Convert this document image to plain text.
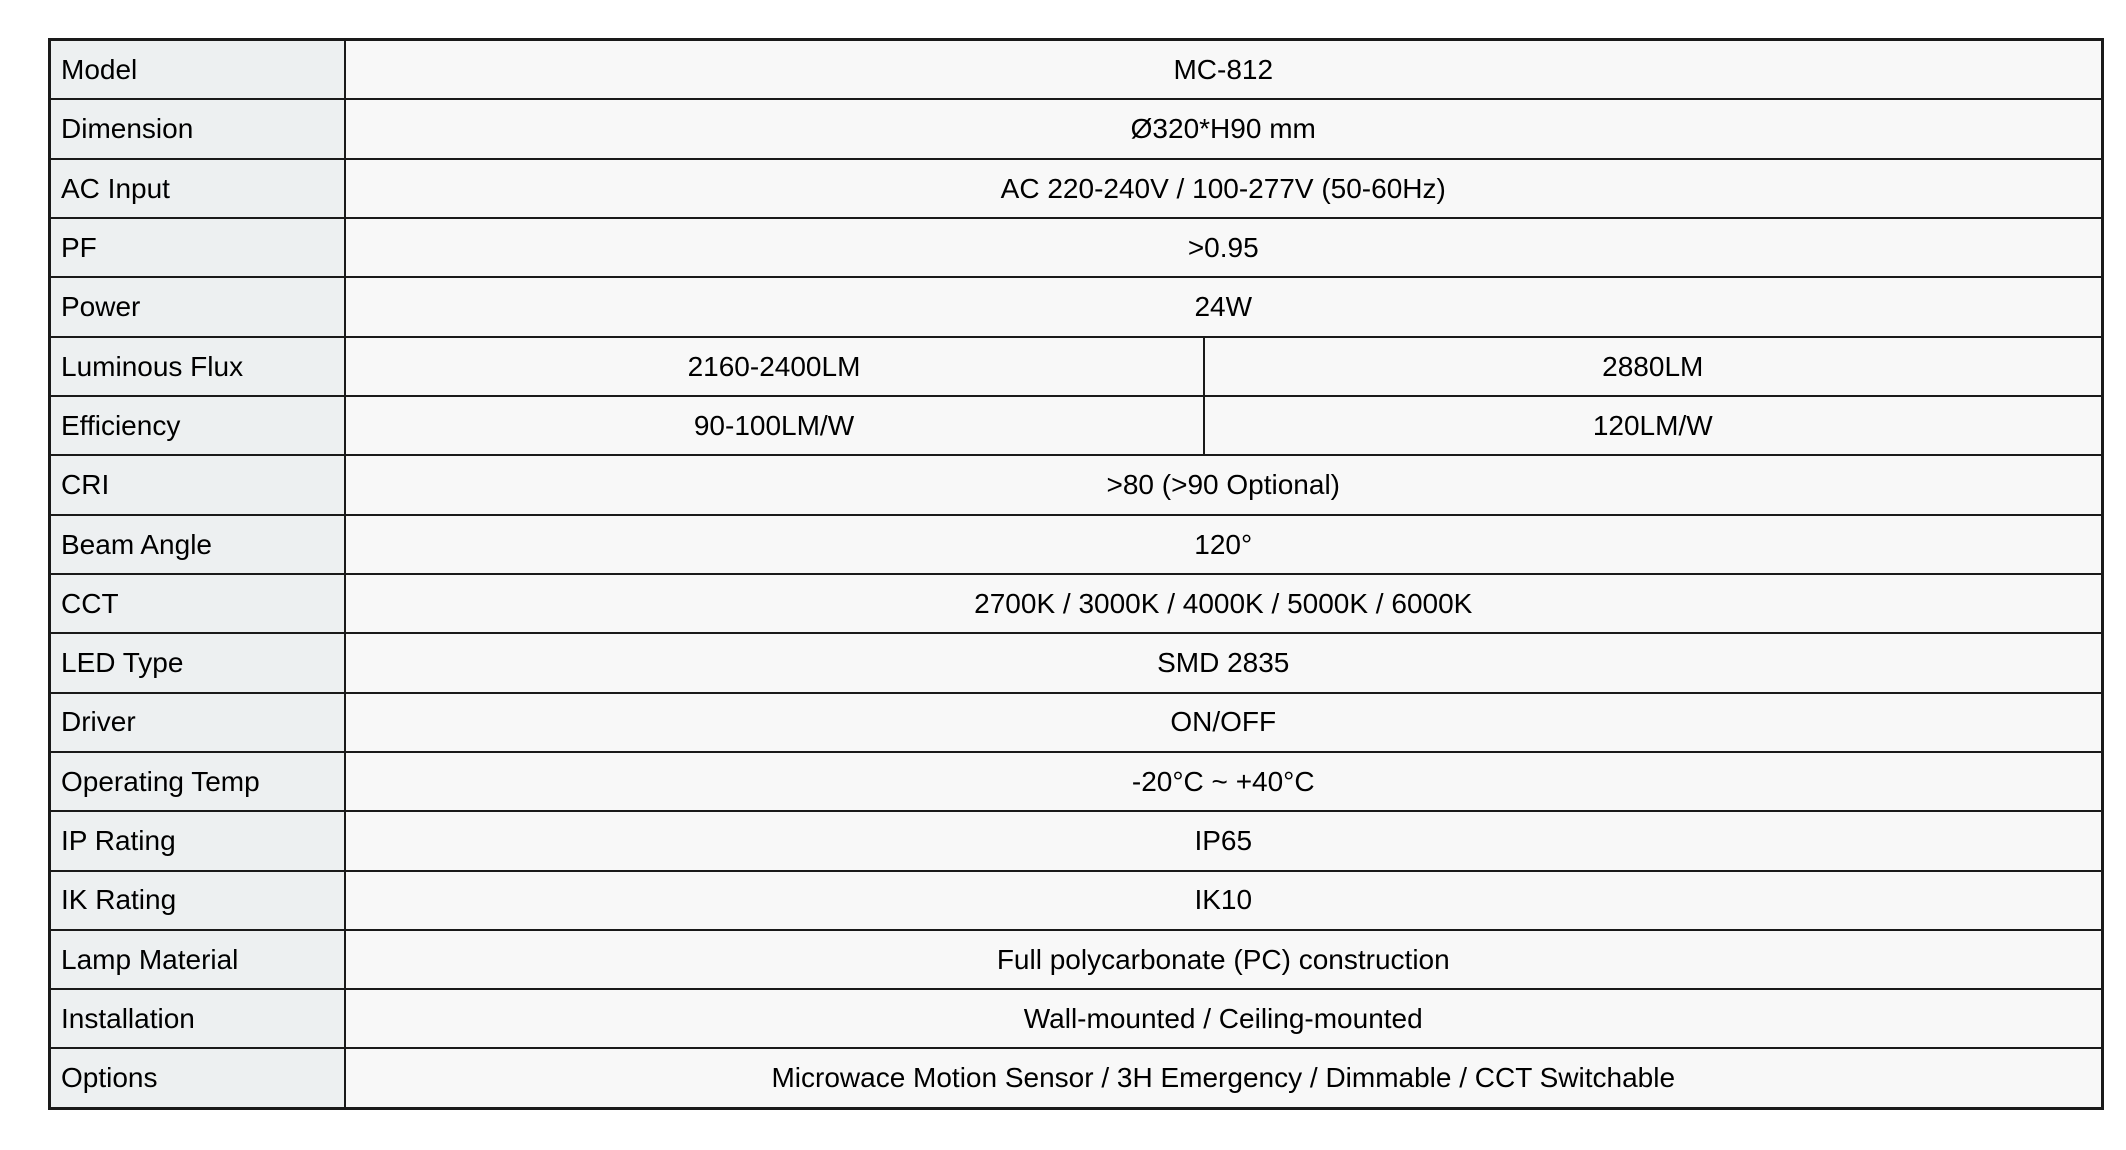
Model	MC-812	
Dimension	Ø320*H90 mm	
AC Input	AC 220-240V / 100-277V (50-60Hz)	
PF	>0.95	
Power	24W	
Luminous Flux	2160-2400LM	2880LM
Efficiency	90-100LM/W	120LM/W
CRI	>80 (>90 Optional)	
Beam Angle	120°	
CCT	2700K / 3000K / 4000K / 5000K / 6000K	
LED Type	SMD 2835	
Driver	ON/OFF	
Operating Temp	-20°C ~ +40°C	
IP Rating	IP65	
IK Rating	IK10	
Lamp Material	Full polycarbonate (PC) construction	
Installation	Wall-mounted / Ceiling-mounted	
Options	Microwace Motion Sensor / 3H Emergency / Dimmable / CCT Switchable	
